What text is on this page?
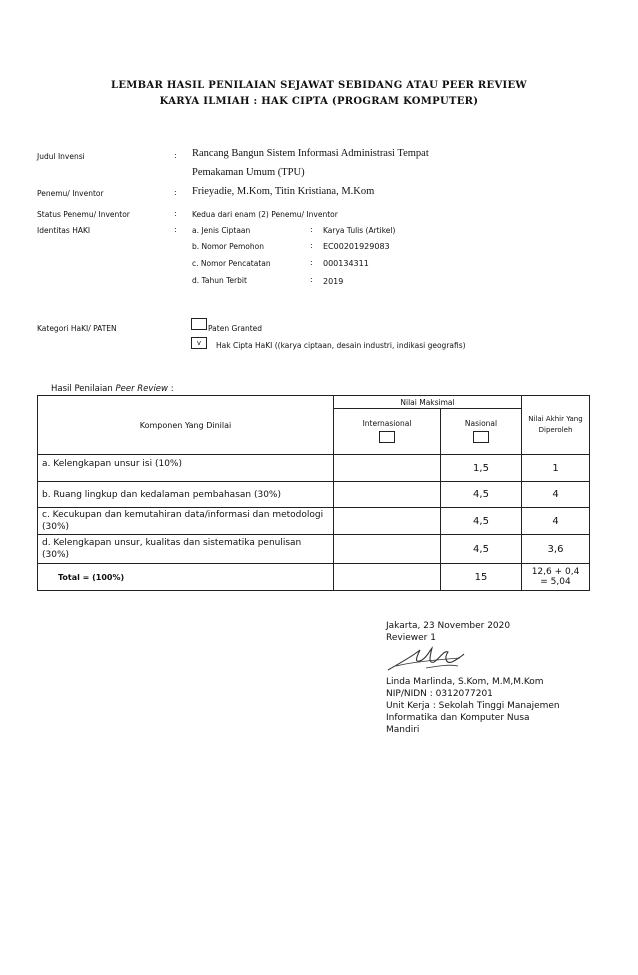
LEMBAR HASIL PENILAIAN SEJAWAT SEBIDANG ATAU PEER REVIEW
KARYA ILMIAH : HAK CIPTA (PROGRAM KOMPUTER)
Judul Invensi	: Rancang Bangun Sistem Informasi Administrasi Tempat
Pemakaman Umum (TPU)
Penemu/ Inventor	: Frieyadie, M.Kom, Titin Kristiana, M.Kom
Status Penemu/ Inventor	: Kedua dari enam (2) Penemu/ Inventor
Identitas HAKI	: a. Jenis Ciptaan	: Karya Tulis (Artikel)
b. Nomor Pemohon	: EC00201929083
c. Nomor Pencatatan	: 000134311
d. Tahun Terbit	: 2019
Kategori HaKI/ PATEN	Paten Granted
v	Hak Cipta HaKI ((karya ciptaan, desain industri, indikasi geografis)
Hasil Penilaian Peer Review :
Komponen Yang Dinilai	Nilai Maksimal		Nilai Akhir Yang Diperoleh

	Internasional	Nasional	

a. Kelengkapan unsur isi (10%)		1,5	1
b. Ruang lingkup dan kedalaman pembahasan (30%)		4,5	4
c. Kecukupan dan kemutahiran data/informasi dan metodologi (30%)		4,5	4
d. Kelengkapan unsur, kualitas dan sistematika penulisan (30%)		4,5	3,6
Total = (100%)		15	12,6 + 0,4
= 5,04
Jakarta, 23 November 2020
Reviewer 1
Linda Marlinda, S.Kom, M.M,M.Kom
NIP/NIDN : 0312077201
Unit Kerja : Sekolah Tinggi Manajemen
Informatika dan Komputer Nusa
Mandiri
